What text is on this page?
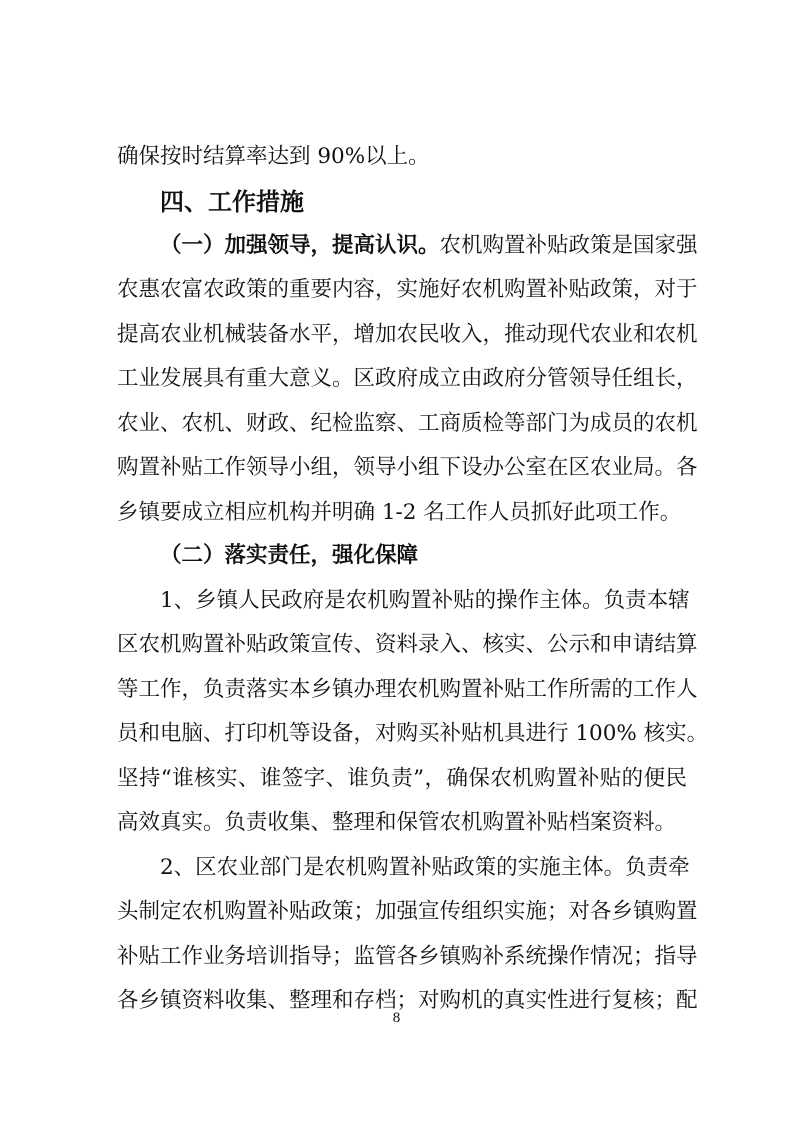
确保按时结算率达到 90%以上。
四、工作措施
（一）加强领导，提高认识。农机购置补贴政策是国家强
农惠农富农政策的重要内容，实施好农机购置补贴政策，对于
提高农业机械装备水平，增加农民收入，推动现代农业和农机
工业发展具有重大意义。区政府成立由政府分管领导任组长，
农业、农机、财政、纪检监察、工商质检等部门为成员的农机
购置补贴工作领导小组，领导小组下设办公室在区农业局。各
乡镇要成立相应机构并明确 1-2 名工作人员抓好此项工作。
（二）落实责任，强化保障
1、乡镇人民政府是农机购置补贴的操作主体。负责本辖
区农机购置补贴政策宣传、资料录入、核实、公示和申请结算
等工作，负责落实本乡镇办理农机购置补贴工作所需的工作人
员和电脑、打印机等设备，对购买补贴机具进行 100% 核实。
坚持“谁核实、谁签字、谁负责”，确保农机购置补贴的便民
高效真实。负责收集、整理和保管农机购置补贴档案资料。
2、区农业部门是农机购置补贴政策的实施主体。负责牵
头制定农机购置补贴政策；加强宣传组织实施；对各乡镇购置
补贴工作业务培训指导；监管各乡镇购补系统操作情况；指导
各乡镇资料收集、整理和存档；对购机的真实性进行复核；配
8
